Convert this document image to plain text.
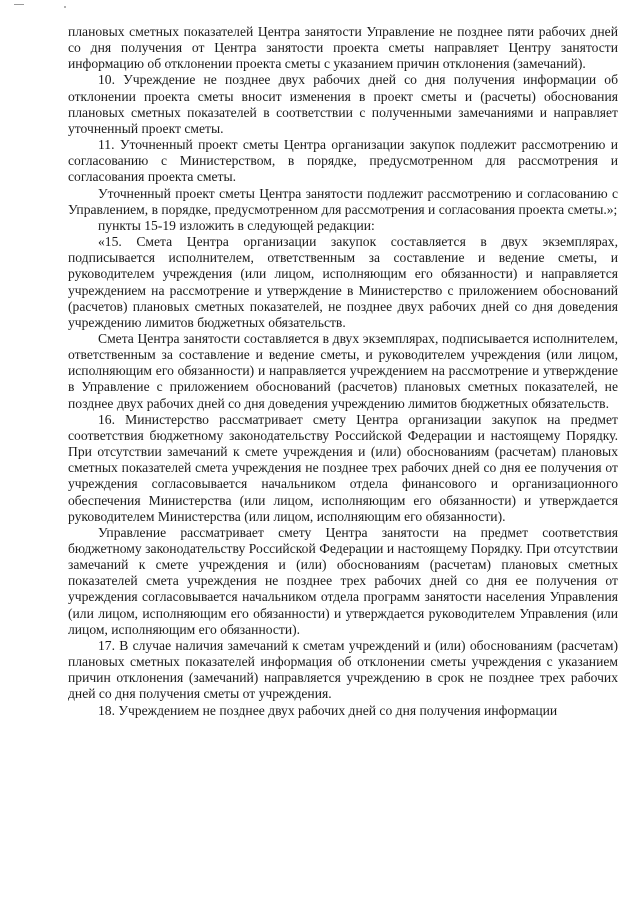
плановых сметных показателей Центра занятости Управление не позднее пяти рабочих дней со дня получения от Центра занятости проекта сметы направляет Центру занятости информацию об отклонении проекта сметы с указанием причин отклонения (замечаний).

10. Учреждение не позднее двух рабочих дней со дня получения информации об отклонении проекта сметы вносит изменения в проект сметы и (расчеты) обоснования плановых сметных показателей в соответствии с полученными замечаниями и направляет уточненный проект сметы.

11. Уточненный проект сметы Центра организации закупок подлежит рассмотрению и согласованию с Министерством, в порядке, предусмотренном для рассмотрения и согласования проекта сметы.

Уточненный проект сметы Центра занятости подлежит рассмотрению и согласованию с Управлением, в порядке, предусмотренном для рассмотрения и согласования проекта сметы.»;

пункты 15-19 изложить в следующей редакции:

«15. Смета Центра организации закупок составляется в двух экземплярах, подписывается исполнителем, ответственным за составление и ведение сметы, и руководителем учреждения (или лицом, исполняющим его обязанности) и направляется учреждением на рассмотрение и утверждение в Министерство с приложением обоснований (расчетов) плановых сметных показателей, не позднее двух рабочих дней со дня доведения учреждению лимитов бюджетных обязательств.

Смета Центра занятости составляется в двух экземплярах, подписывается исполнителем, ответственным за составление и ведение сметы, и руководителем учреждения (или лицом, исполняющим его обязанности) и направляется учреждением на рассмотрение и утверждение в Управление с приложением обоснований (расчетов) плановых сметных показателей, не позднее двух рабочих дней со дня доведения учреждению лимитов бюджетных обязательств.

16. Министерство рассматривает смету Центра организации закупок на предмет соответствия бюджетному законодательству Российской Федерации и настоящему Порядку. При отсутствии замечаний к смете учреждения и (или) обоснованиям (расчетам) плановых сметных показателей смета учреждения не позднее трех рабочих дней со дня ее получения от учреждения согласовывается начальником отдела финансового и организационного обеспечения Министерства (или лицом, исполняющим его обязанности) и утверждается руководителем Министерства (или лицом, исполняющим его обязанности).

Управление рассматривает смету Центра занятости на предмет соответствия бюджетному законодательству Российской Федерации и настоящему Порядку. При отсутствии замечаний к смете учреждения и (или) обоснованиям (расчетам) плановых сметных показателей смета учреждения не позднее трех рабочих дней со дня ее получения от учреждения согласовывается начальником отдела программ занятости населения Управления (или лицом, исполняющим его обязанности) и утверждается руководителем Управления (или лицом, исполняющим его обязанности).

17. В случае наличия замечаний к сметам учреждений и (или) обоснованиям (расчетам) плановых сметных показателей информация об отклонении сметы учреждения с указанием причин отклонения (замечаний) направляется учреждению в срок не позднее трех рабочих дней со дня получения сметы от учреждения.

18. Учреждением не позднее двух рабочих дней со дня получения информации
